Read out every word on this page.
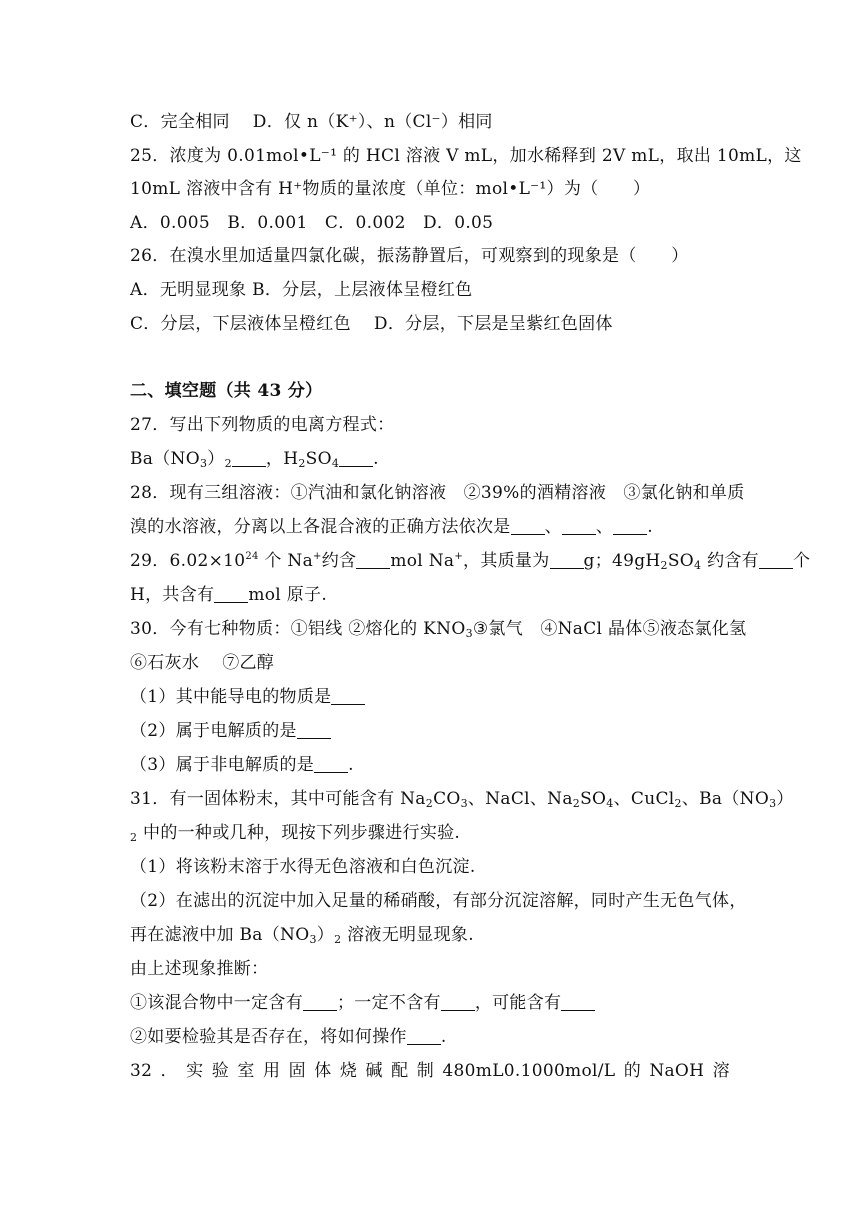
C．完全相同　 D．仅 n（K⁺）、n（Cl⁻）相同
25．浓度为 0.01mol•L⁻¹ 的 HCl 溶液 V mL，加水稀释到 2V mL，取出 10mL，这
10mL 溶液中含有 H⁺物质的量浓度（单位：mol•L⁻¹）为（　　）
A．0.005　B．0.001　C．0.002　D．0.05
26．在溴水里加适量四氯化碳，振荡静置后，可观察到的现象是（　　）
A．无明显现象 B．分层，上层液体呈橙红色
C．分层，下层液体呈橙红色　 D．分层，下层是呈紫红色固体
二、填空题（共 43 分）
27．写出下列物质的电离方程式：
$Ba(NO_3)_2$ ，$H_2SO_4$ .
28．现有三组溶液：①汽油和氯化钠溶液　②39%的酒精溶液　③氯化钠和单质
溴的水溶液，分离以上各混合液的正确方法依次是 、 、 .
29．$6.02\times 10^{24}$ 个 Na+约含 mol Na+，其质量为 g；$49gH_2SO_4$ 约含有 个
H，共含有 mol 原子.
30．今有七种物质：①铝线 ②熔化的 $KNO_3③$氯气　④NaCl 晶体⑤液态氯化氢
⑥石灰水　 ⑦乙醇
（1）其中能导电的物质是
（2）属于电解质的是
（3）属于非电解质的是 .
31．有一固体粉末，其中可能含有 $Na_2CO_3$、NaCl、$Na_2SO_4$、CuCl$_2$、$Ba(NO_3)$
$_2$ 中的一种或几种，现按下列步骤进行实验.
（1）将该粉末溶于水得无色溶液和白色沉淀.
（2）在滤出的沉淀中加入足量的稀硝酸，有部分沉淀溶解，同时产生无色气体，
再在滤液中加 $Ba(NO_3)_2$ 溶液无明显现象.
由上述现象推断：
①该混合物中一定含有 ；一定不含有 ，可能含有
②如要检验其是否存在，将如何操作 .
32 ． 实 验 室 用 固 体 烧 碱 配 制 480mL0.1000mol/L 的 NaOH 溶
